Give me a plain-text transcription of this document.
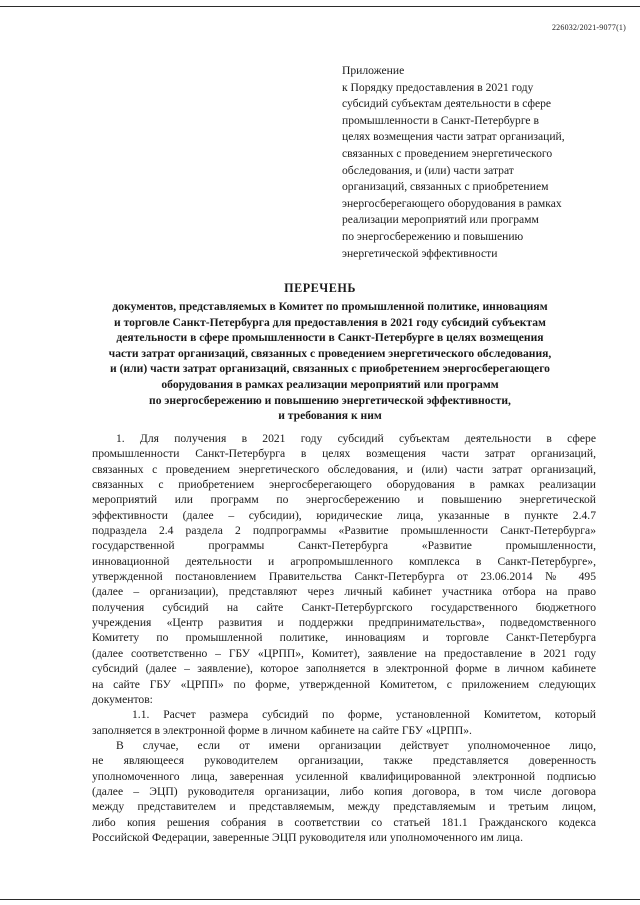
226032/2021-9077(1)
Приложение
к Порядку предоставления в 2021 году
субсидий субъектам деятельности в сфере
промышленности в Санкт-Петербурге в
целях возмещения части затрат организаций,
связанных с проведением энергетического
обследования, и (или) части затрат
организаций, связанных с приобретением
энергосберегающего оборудования в рамках
реализации мероприятий или программ
по энергосбережению и повышению
энергетической эффективности
ПЕРЕЧЕНЬ
документов, представляемых в Комитет по промышленной политике, инновациям
и торговле Санкт-Петербурга для предоставления в 2021 году субсидий субъектам
деятельности в сфере промышленности в Санкт-Петербурге в целях возмещения
части затрат организаций, связанных с проведением энергетического обследования,
и (или) части затрат организаций, связанных с приобретением энергосберегающего
оборудования в рамках реализации мероприятий или программ
по энергосбережению и повышению энергетической эффективности,
и требования к ним
1. Для получения в 2021 году субсидий субъектам деятельности в сфере
промышленности Санкт-Петербурга в целях возмещения части затрат организаций,
связанных с проведением энергетического обследования, и (или) части затрат организаций,
связанных с приобретением энергосберегающего оборудования в рамках реализации
мероприятий или программ по энергосбережению и повышению энергетической
эффективности (далее – субсидии), юридические лица, указанные в пункте 2.4.7
подраздела 2.4 раздела 2 подпрограммы «Развитие промышленности Санкт-Петербурга»
государственной программы Санкт-Петербурга «Развитие промышленности,
инновационной деятельности и агропромышленного комплекса в Санкт-Петербурге»,
утвержденной постановлением Правительства Санкт-Петербурга от 23.06.2014 № 495
(далее – организации), представляют через личный кабинет участника отбора на право
получения субсидий на сайте Санкт-Петербургского государственного бюджетного
учреждения «Центр развития и поддержки предпринимательства», подведомственного
Комитету по промышленной политике, инновациям и торговле Санкт-Петербурга
(далее соответственно – ГБУ «ЦРПП», Комитет), заявление на предоставление в 2021 году
субсидий (далее – заявление), которое заполняется в электронной форме в личном кабинете
на сайте ГБУ «ЦРПП» по форме, утвержденной Комитетом, с приложением следующих
документов:
1.1. Расчет размера субсидий по форме, установленной Комитетом, который
заполняется в электронной форме в личном кабинете на сайте ГБУ «ЦРПП».
В случае, если от имени организации действует уполномоченное лицо,
не являющееся руководителем организации, также представляется доверенность
уполномоченного лица, заверенная усиленной квалифицированной электронной подписью
(далее – ЭЦП) руководителя организации, либо копия договора, в том числе договора
между представителем и представляемым, между представляемым и третьим лицом,
либо копия решения собрания в соответствии со статьей 181.1 Гражданского кодекса
Российской Федерации, заверенные ЭЦП руководителя или уполномоченного им лица.
